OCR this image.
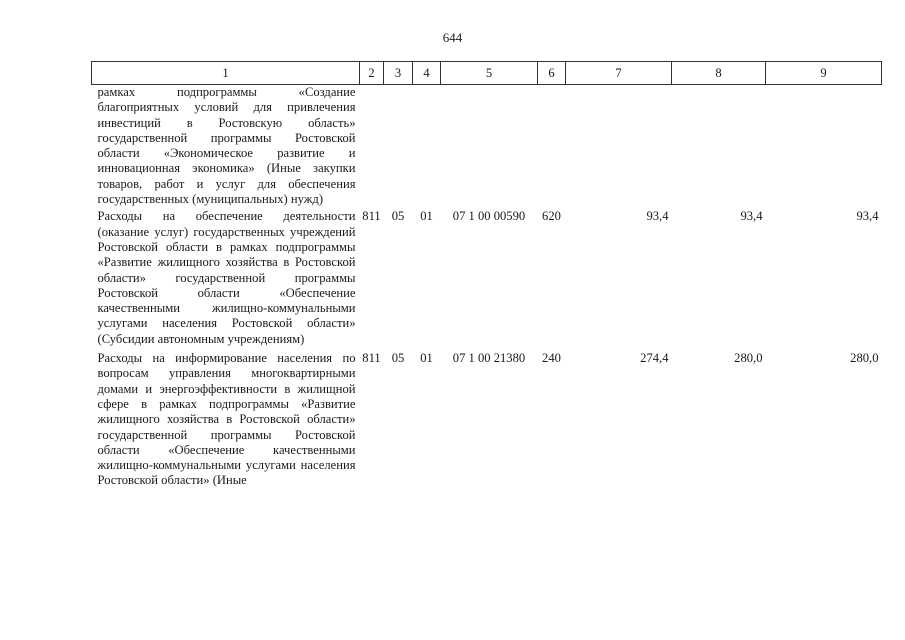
644
1	2	3	4	5	6	7	8	9
рамках подпрограммы «Создание благоприятных условий для привлечения инвестиций в Ростовскую область» государственной программы Ростовской области «Экономическое развитие и инновационная экономика» (Иные закупки товаров, работ и услуг для обеспечения государственных (муниципальных) нужд)								
Расходы на обеспечение деятельности (оказание услуг) государственных учреждений Ростовской области в рамках подпрограммы «Развитие жилищного хозяйства в Ростовской области» государственной программы Ростовской области «Обеспечение качественными жилищно-коммунальными услугами населения Ростовской области» (Субсидии автономным учреждениям)	811	05	01	07 1 00 00590	620	93,4	93,4	93,4
Расходы на информирование населения по вопросам управления многоквартирными домами и энергоэффективности в жилищной сфере в рамках подпрограммы «Развитие жилищного хозяйства в Ростовской области» государственной программы Ростовской области «Обеспечение качественными жилищно-коммунальными услугами населения Ростовской области» (Иные	811	05	01	07 1 00 21380	240	274,4	280,0	280,0
